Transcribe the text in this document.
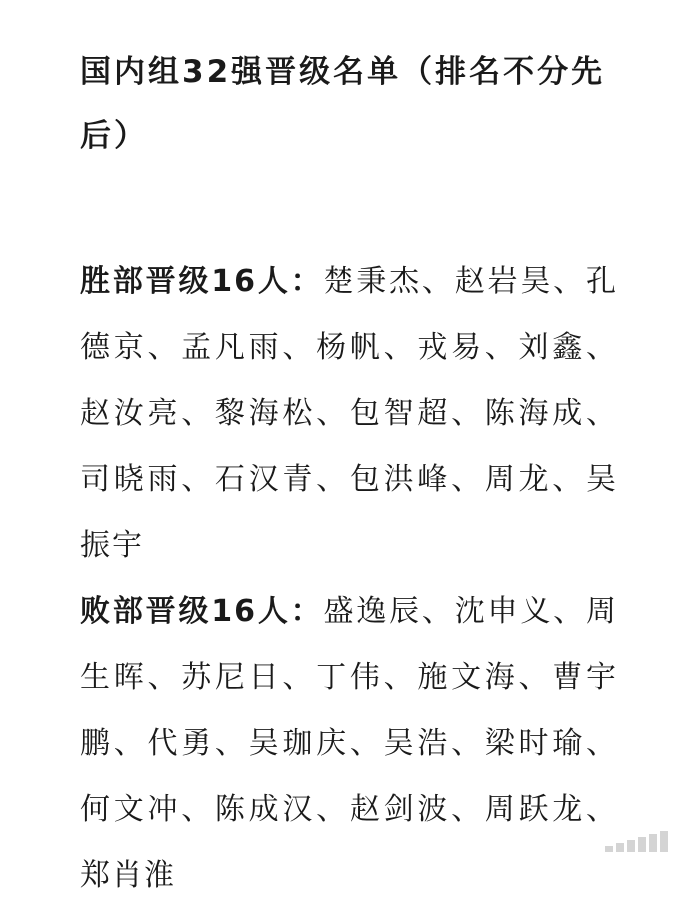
国内组32强晋级名单（排名不分先后）

胜部晋级16人：楚秉杰、赵岩昊、孔德京、孟凡雨、杨帆、戎易、刘鑫、赵汝亮、黎海松、包智超、陈海成、司晓雨、石汉青、包洪峰、周龙、吴振宇

败部晋级16人：盛逸辰、沈申义、周生晖、苏尼日、丁伟、施文海、曹宇鹏、代勇、吴珈庆、吴浩、梁时瑜、何文冲、陈成汉、赵剑波、周跃龙、郑肖淮
